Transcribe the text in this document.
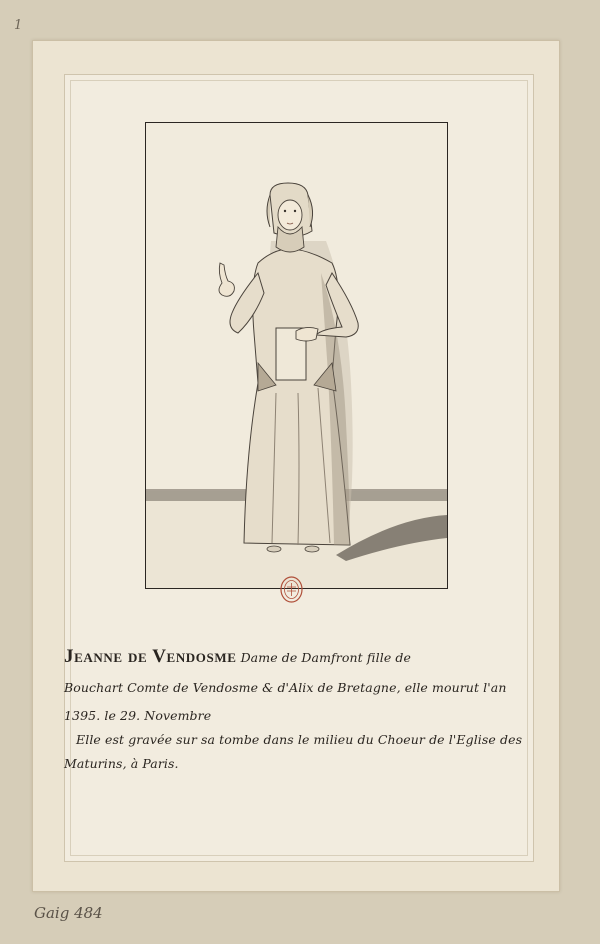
1
Jeanne de Vendosme Dame de Damfront fille de
Bouchart Comte de Vendosme & d'Alix de Bretagne, elle mourut l'an
1395. le 29. Novembre
Elle est gravée sur sa tombe dans le milieu du Choeur de l'Eglise des
Maturins, à Paris.
Gaig 484
